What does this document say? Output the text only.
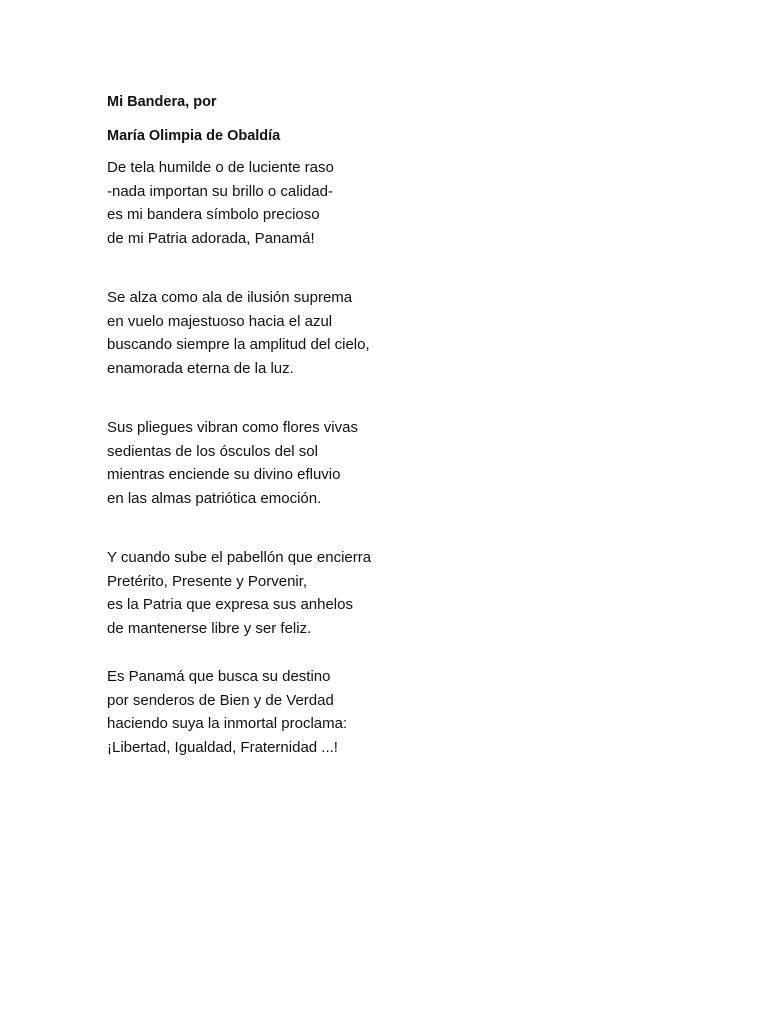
Mi Bandera, por

María Olimpia de Obaldía

De tela humilde o de luciente raso
-nada importan su brillo o calidad-
es mi bandera símbolo precioso
de mi Patria adorada, Panamá!
Se alza como ala de ilusión suprema
en vuelo majestuoso hacia el azul
buscando siempre la amplitud del cielo,
enamorada eterna de la luz.
Sus pliegues vibran como flores vivas
sedientas de los ósculos del sol
mientras enciende su divino efluvio
en las almas patriótica emoción.
Y cuando sube el pabellón que encierra
Pretérito, Presente y Porvenir,
es la Patria que expresa sus anhelos
de mantenerse libre y ser feliz.
Es Panamá que busca su destino
por senderos de Bien y de Verdad
haciendo suya la inmortal proclama:
¡Libertad, Igualdad, Fraternidad ...!
